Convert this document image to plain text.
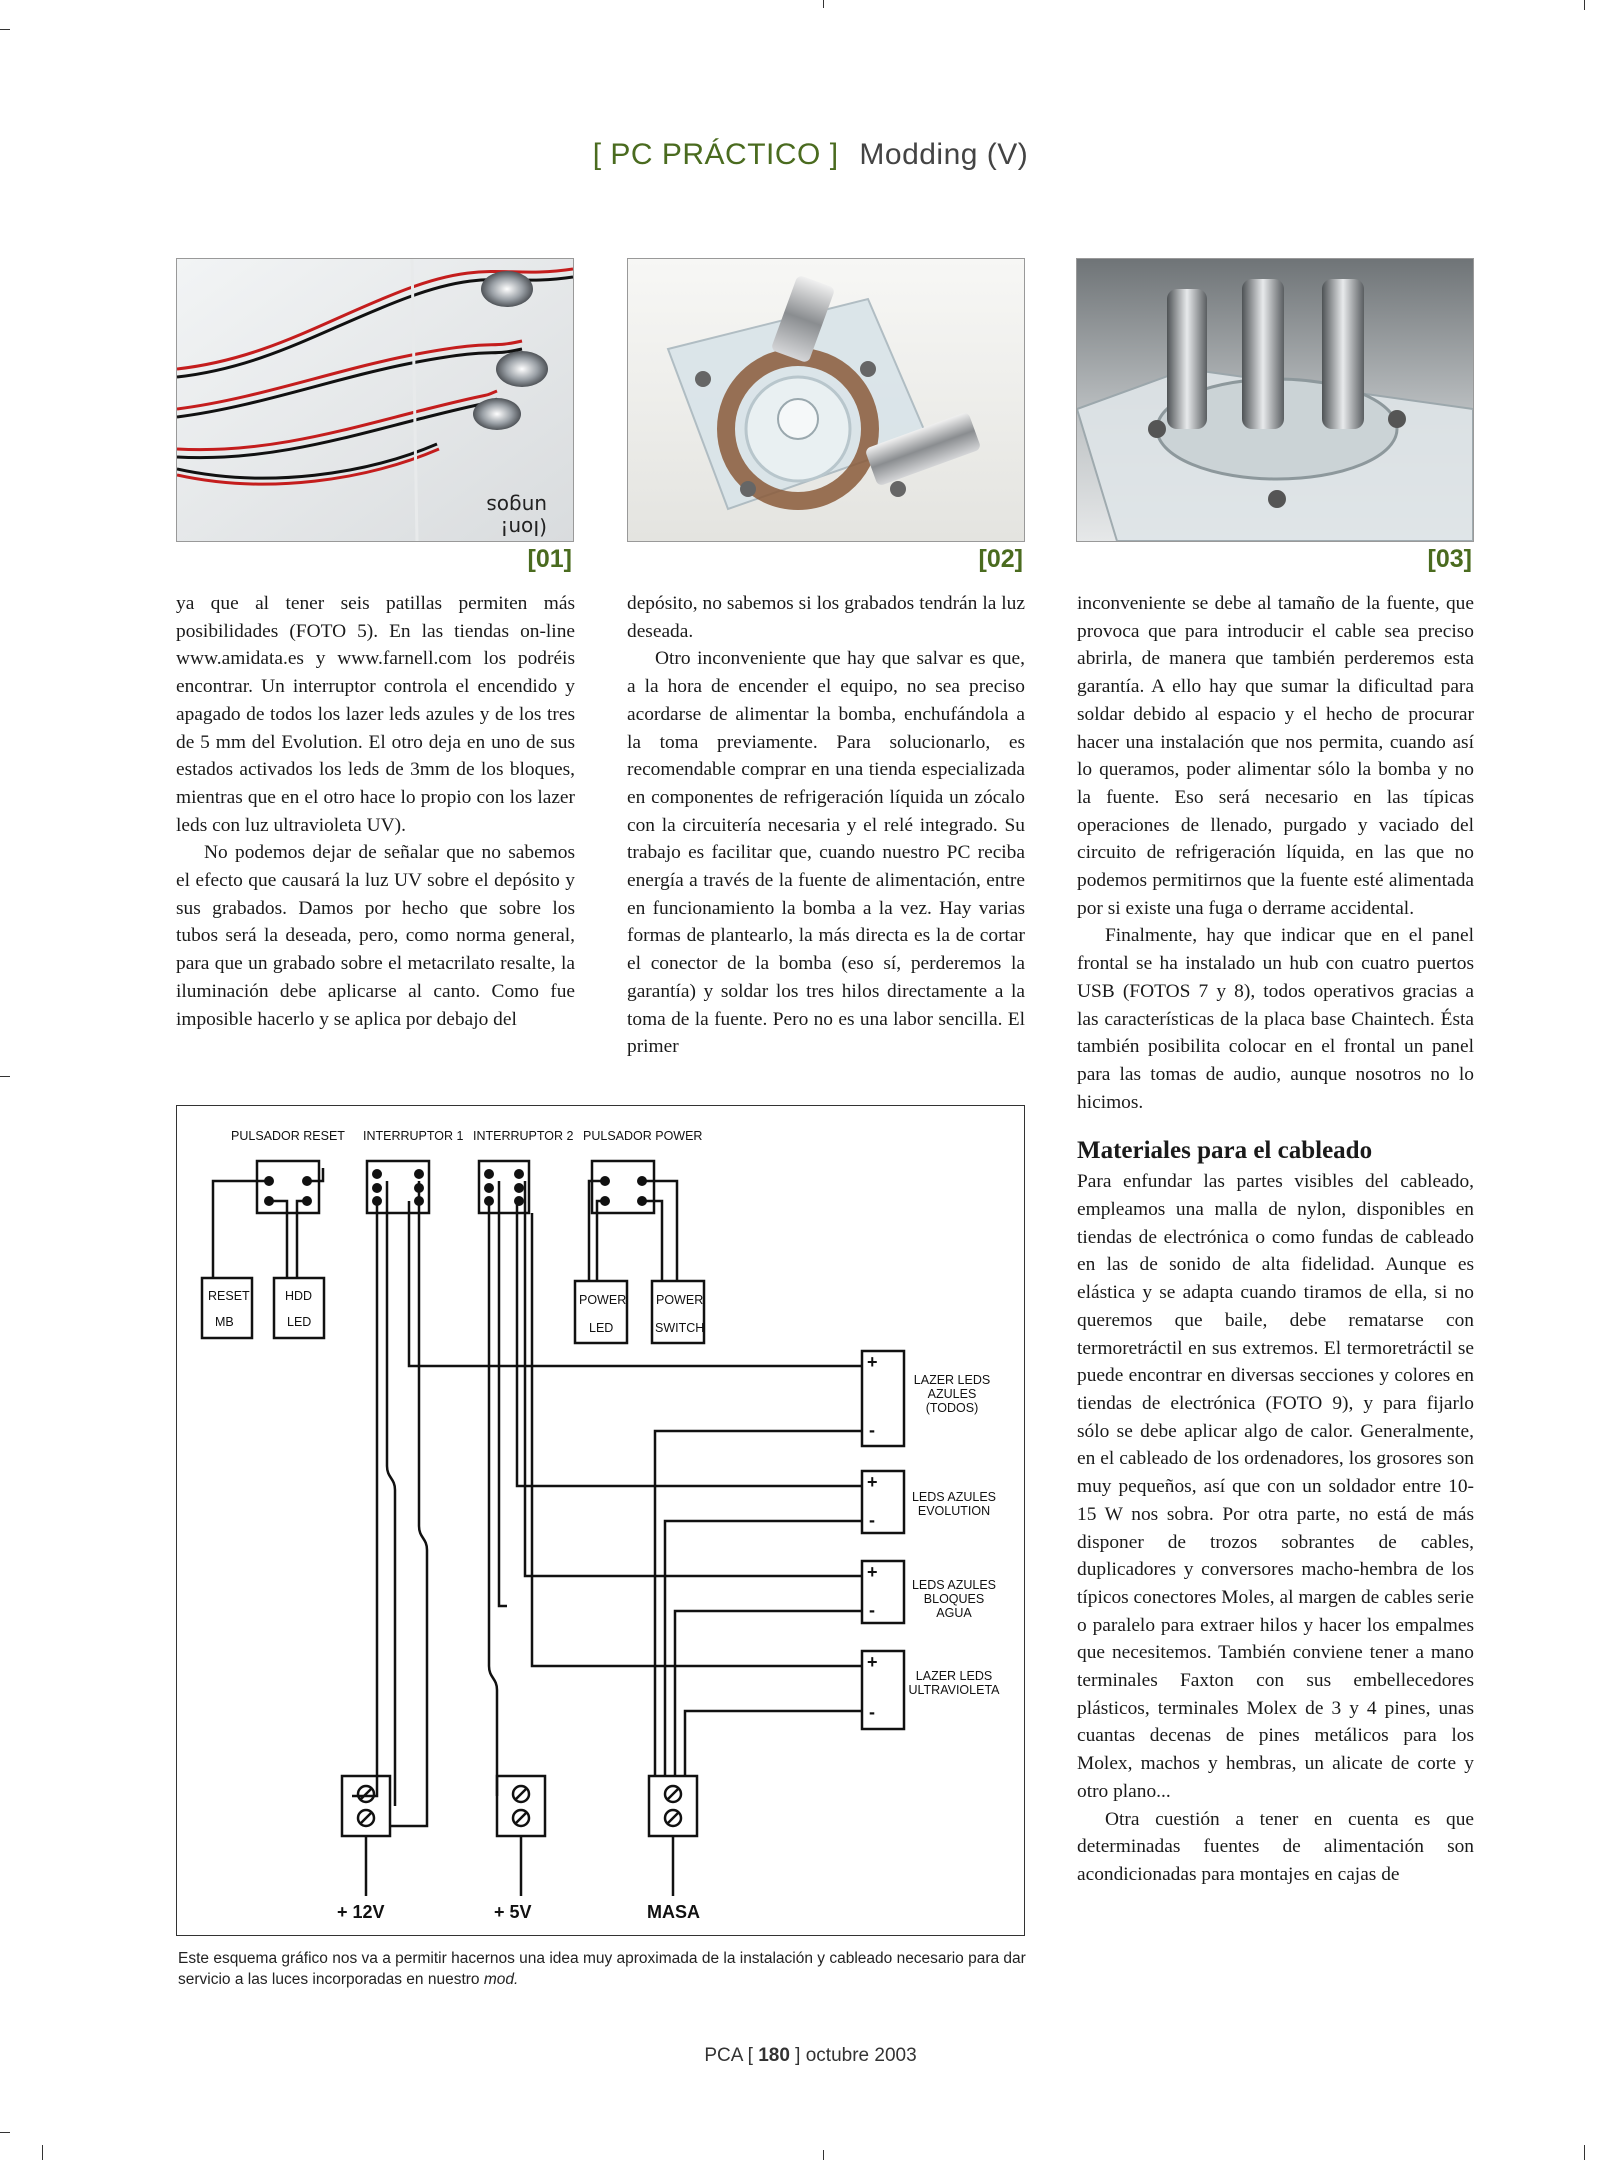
[ PC PRÁCTICO ] Modding (V)
ungos
(Ion!
[01]	[02]	[03]

ya que al tener seis patillas permiten más posibilidades (FOTO 5). En las tiendas on-line www.amidata.es y www.farnell.com los podréis encontrar. Un interruptor controla el encendido y apagado de todos los lazer leds azules y de los tres de 5 mm del Evolution. El otro deja en uno de sus estados activados los leds de 3mm de los bloques, mientras que en el otro hace lo propio con los lazer leds con luz ultravioleta UV).

No podemos dejar de señalar que no sabemos el efecto que causará la luz UV sobre el depósito y sus grabados. Damos por hecho que sobre los tubos será la deseada, pero, como norma general, para que un grabado sobre el metacrilato resalte, la iluminación debe aplicarse al canto. Como fue imposible hacerlo y se aplica por debajo del

depósito, no sabemos si los grabados tendrán la luz deseada.

Otro inconveniente que hay que salvar es que, a la hora de encender el equipo, no sea preciso acordarse de alimentar la bomba, enchufándola a la toma previamente. Para solucionarlo, es recomendable comprar en una tienda especializada en componentes de refrigeración líquida un zócalo con la circuitería necesaria y el relé integrado. Su trabajo es facilitar que, cuando nuestro PC reciba energía a través de la fuente de alimentación, entre en funcionamiento la bomba a la vez. Hay varias formas de plantearlo, la más directa es la de cortar el conector de la bomba (eso sí, perderemos la garantía) y soldar los tres hilos directamente a la toma de la fuente. Pero no es una labor sencilla. El primer

inconveniente se debe al tamaño de la fuente, que provoca que para introducir el cable sea preciso abrirla, de manera que también perderemos esta garantía. A ello hay que sumar la dificultad para soldar debido al espacio y el hecho de procurar hacer una instalación que nos permita, cuando así lo queramos, poder alimentar sólo la bomba y no la fuente. Eso será necesario en las típicas operaciones de llenado, purgado y vaciado del circuito de refrigeración líquida, en las que no podemos permitirnos que la fuente esté alimentada por si existe una fuga o derrame accidental.

Finalmente, hay que indicar que en el panel frontal se ha instalado un hub con cuatro puertos USB (FOTOS 7 y 8), todos operativos gracias a las características de la placa base Chaintech. Ésta también posibilita colocar en el frontal un panel para las tomas de audio, aunque nosotros no lo hicimos.

Materiales para el cableado

Para enfundar las partes visibles del cableado, empleamos una malla de nylon, disponibles en tiendas de electrónica o como fundas de cableado en las de sonido de alta fidelidad. Aunque es elástica y se adapta cuando tiramos de ella, si no queremos que baile, debe rematarse con termoretráctil en sus extremos. El termoretráctil se puede encontrar en diversas secciones y colores en tiendas de electrónica (FOTO 9), y para fijarlo sólo se debe aplicar algo de calor. Generalmente, en el cableado de los ordenadores, los grosores son muy pequeños, así que con un soldador entre 10-15 W nos sobra. Por otra parte, no está de más disponer de trozos sobrantes de cables, duplicadores y conversores macho-hembra de los típicos conectores Moles, al margen de cables serie o paralelo para extraer hilos y hacer los empalmes que necesitemos. También conviene tener a mano terminales Faxton con sus embellecedores plásticos, terminales Molex de 3 y 4 pines, unas cuantas decenas de pines metálicos para los Molex, machos y hembras, un alicate de corte y otro plano...

Otra cuestión a tener en cuenta es que determinadas fuentes de alimentación son acondicionadas para montajes en cajas de

PULSADOR RESET INTERRUPTOR 1 INTERRUPTOR 2 PULSADOR POWER
RESET
MB
HDD
LED
POWER
LED
POWER
SWITCH
+
-
+
-
+
-
+
-
LAZER LEDS
AZULES
(TODOS)
LEDS AZULES
EVOLUTION
LEDS AZULES
BLOQUES
AGUA
LAZER LEDS
ULTRAVIOLETA
+ 12V	+ 5V	MASA
Este esquema gráfico nos va a permitir hacernos una idea muy aproximada de la instalación y cableado necesario para dar servicio a las luces incorporadas en nuestro mod.
PCA [ 180 ] octubre 2003
